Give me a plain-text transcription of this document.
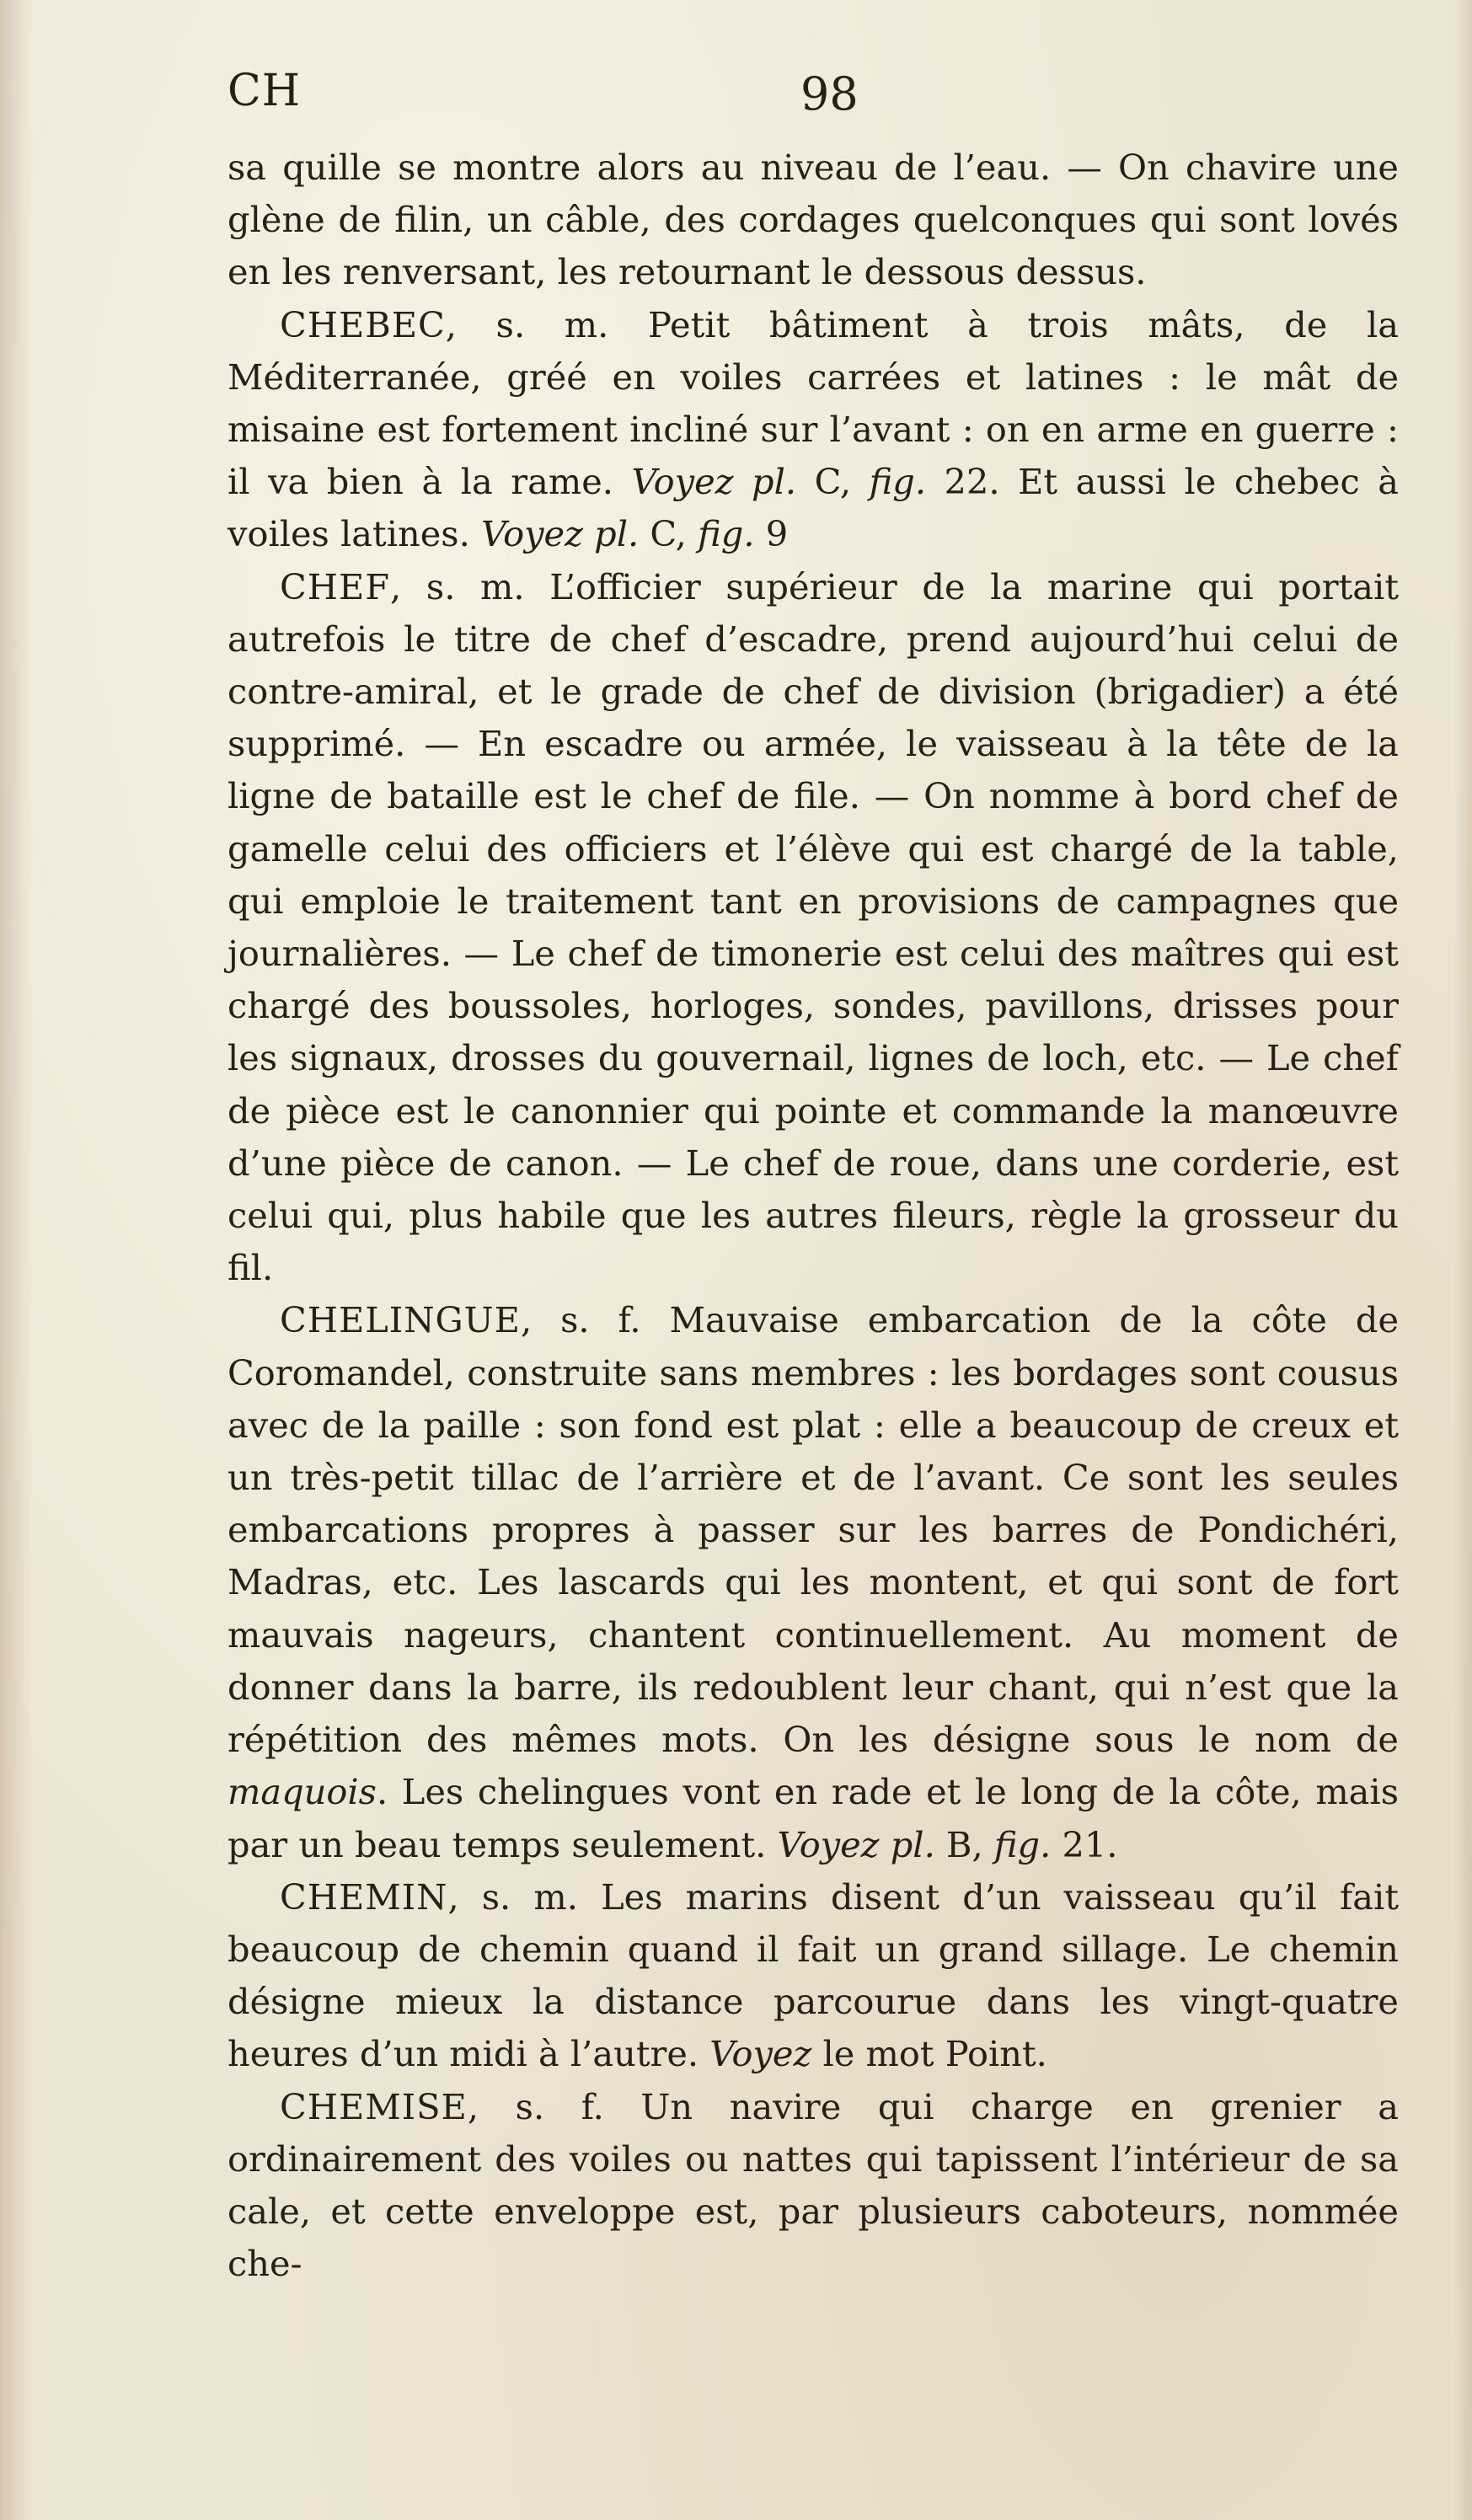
CH	98

sa quille se montre alors au niveau de l’eau. — On chavire une glène de filin, un câble, des cordages quelconques qui sont lovés en les renversant, les retournant le dessous dessus.

CHEBEC, s. m. Petit bâtiment à trois mâts, de la Méditerranée, gréé en voiles carrées et latines : le mât de misaine est fortement incliné sur l’avant : on en arme en guerre : il va bien à la rame. Voyez pl. C, fig. 22. Et aussi le chebec à voiles latines. Voyez pl. C, fig. 9

CHEF, s. m. L’officier supérieur de la marine qui portait autrefois le titre de chef d’escadre, prend aujourd’hui celui de contre-amiral, et le grade de chef de division (brigadier) a été supprimé. — En escadre ou armée, le vaisseau à la tête de la ligne de bataille est le chef de file. — On nomme à bord chef de gamelle celui des officiers et l’élève qui est chargé de la table, qui emploie le traitement tant en provisions de campagnes que journalières. — Le chef de timonerie est celui des maîtres qui est chargé des boussoles, horloges, sondes, pavillons, drisses pour les signaux, drosses du gouvernail, lignes de loch, etc. — Le chef de pièce est le canonnier qui pointe et commande la manœuvre d’une pièce de canon. — Le chef de roue, dans une corderie, est celui qui, plus habile que les autres fileurs, règle la grosseur du fil.

CHELINGUE, s. f. Mauvaise embarcation de la côte de Coromandel, construite sans membres : les bordages sont cousus avec de la paille : son fond est plat : elle a beaucoup de creux et un très-petit tillac de l’arrière et de l’avant. Ce sont les seules embarcations propres à passer sur les barres de Pondichéri, Madras, etc. Les lascards qui les montent, et qui sont de fort mauvais nageurs, chantent continuellement. Au moment de donner dans la barre, ils redoublent leur chant, qui n’est que la répétition des mêmes mots. On les désigne sous le nom de maquois. Les chelingues vont en rade et le long de la côte, mais par un beau temps seulement. Voyez pl. B, fig. 21.

CHEMIN, s. m. Les marins disent d’un vaisseau qu’il fait beaucoup de chemin quand il fait un grand sillage. Le chemin désigne mieux la distance parcourue dans les vingt-quatre heures d’un midi à l’autre. Voyez le mot Point.

CHEMISE, s. f. Un navire qui charge en grenier a ordinairement des voiles ou nattes qui tapissent l’intérieur de sa cale, et cette enveloppe est, par plusieurs caboteurs, nommée che-
